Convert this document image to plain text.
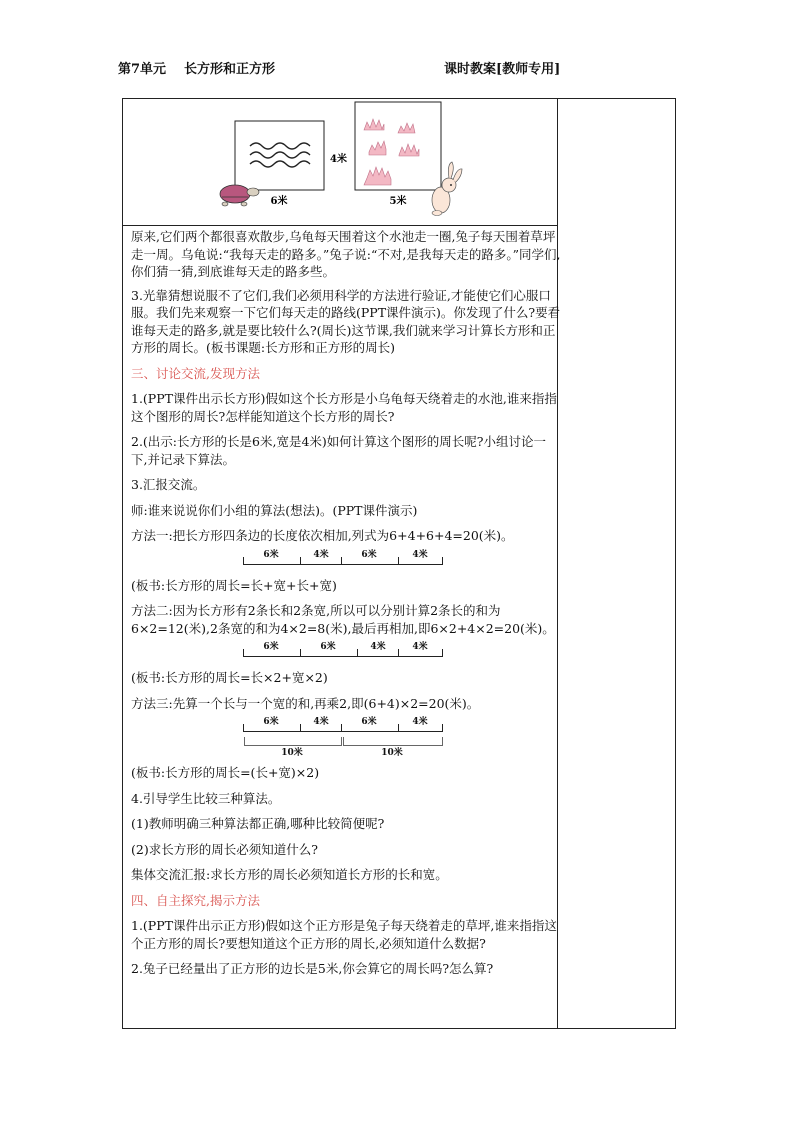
第7单元 长方形和正方形	课时教案[教师专用]
4米
6米	5米

原来,它们两个都很喜欢散步,乌龟每天围着这个水池走一圈,兔子每天围着草坪走一周。乌龟说:“我每天走的路多。”兔子说:“不对,是我每天走的路多。”同学们,你们猜一猜,到底谁每天走的路多些。

3.光靠猜想说服不了它们,我们必须用科学的方法进行验证,才能使它们心服口服。我们先来观察一下它们每天走的路线(PPT课件演示)。你发现了什么?要看谁每天走的路多,就是要比较什么?(周长)这节课,我们就来学习计算长方形和正方形的周长。(板书课题:长方形和正方形的周长)

三、讨论交流,发现方法

1.(PPT课件出示长方形)假如这个长方形是小乌龟每天绕着走的水池,谁来指指这个图形的周长?怎样能知道这个长方形的周长?

2.(出示:长方形的长是6米,宽是4米)如何计算这个图形的周长呢?小组讨论一下,并记录下算法。

3.汇报交流。

师:谁来说说你们小组的算法(想法)。(PPT课件演示)

方法一:把长方形四条边的长度依次相加,列式为6+4+6+4=20(米)。

6米	4米	6米	4米

(板书:长方形的周长=长+宽+长+宽)

方法二:因为长方形有2条长和2条宽,所以可以分别计算2条长的和为6×2=12(米),2条宽的和为4×2=8(米),最后再相加,即6×2+4×2=20(米)。

6米	6米	4米	4米

(板书:长方形的周长=长×2+宽×2)

方法三:先算一个长与一个宽的和,再乘2,即(6+4)×2=20(米)。

6米	4米	6米	4米
10米	10米

(板书:长方形的周长=(长+宽)×2)

4.引导学生比较三种算法。

(1)教师明确三种算法都正确,哪种比较简便呢?

(2)求长方形的周长必须知道什么?

集体交流汇报:求长方形的周长必须知道长方形的长和宽。

四、自主探究,揭示方法

1.(PPT课件出示正方形)假如这个正方形是兔子每天绕着走的草坪,谁来指指这个正方形的周长?要想知道这个正方形的周长,必须知道什么数据?

2.兔子已经量出了正方形的边长是5米,你会算它的周长吗?怎么算?
